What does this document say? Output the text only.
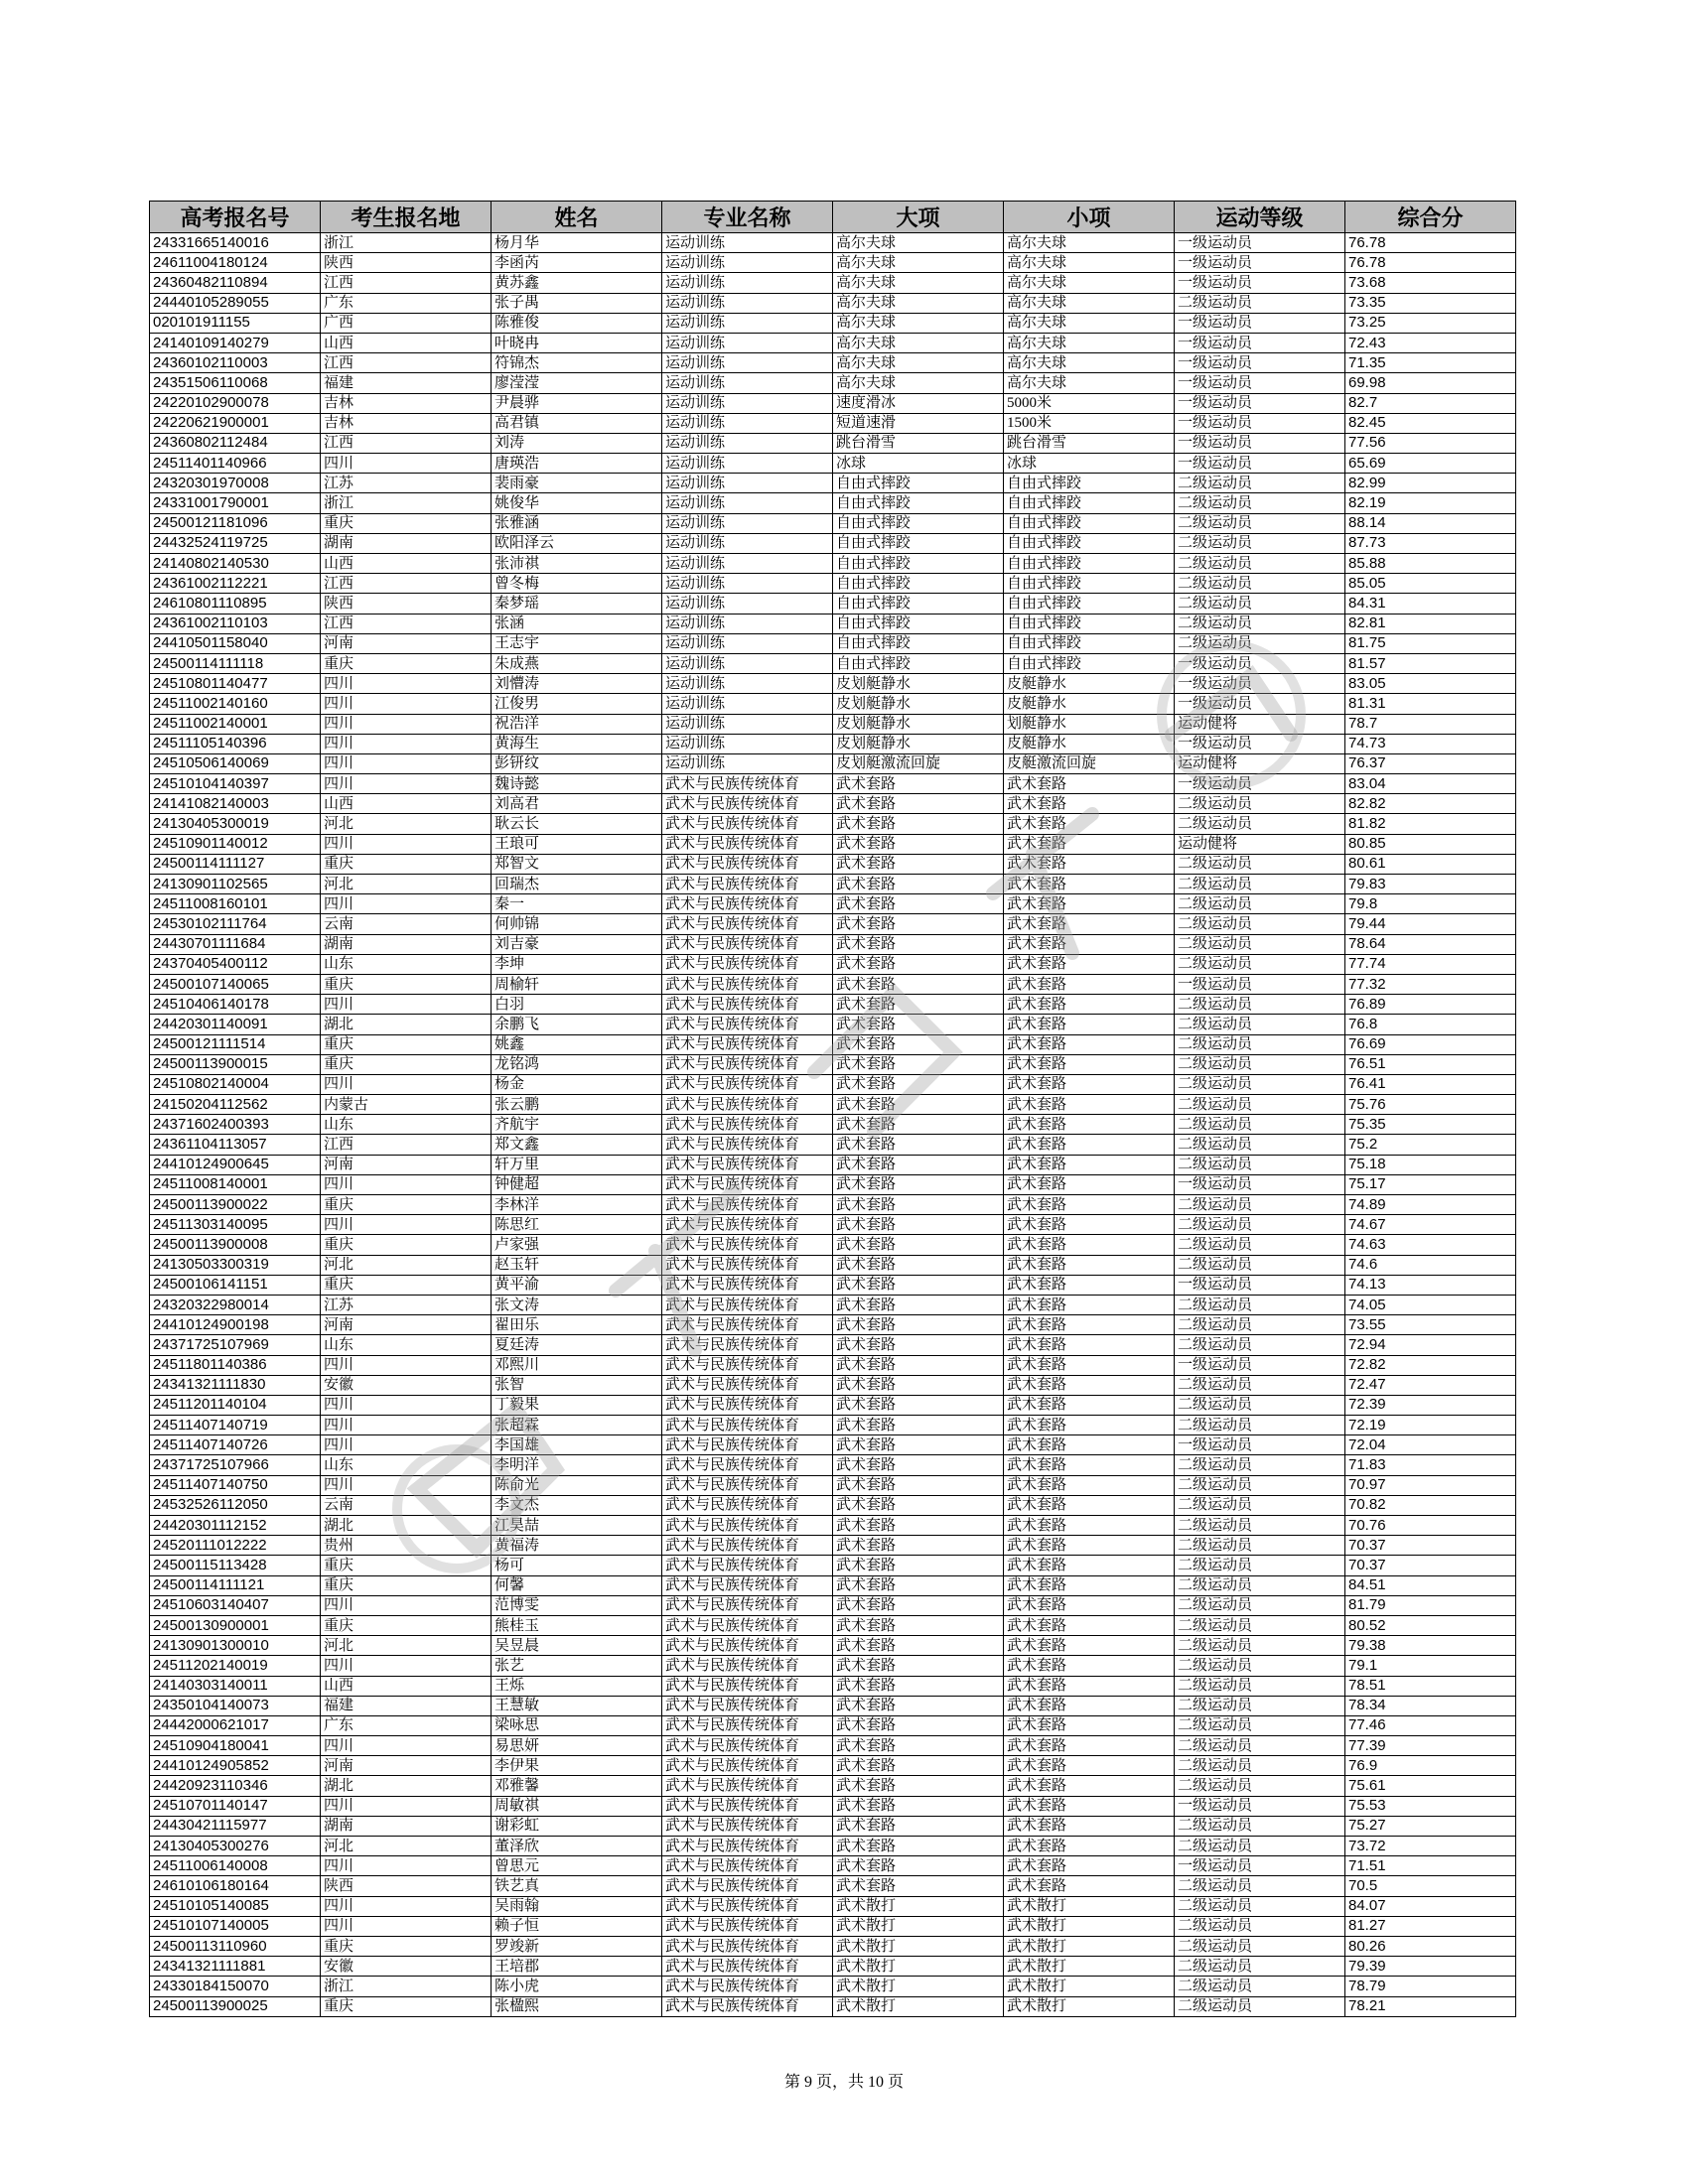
高考报名号	考生报名地	姓名	专业名称	大项	小项	运动等级	综合分
24331665140016	浙江	杨月华	运动训练	高尔夫球	高尔夫球	一级运动员	76.78
24611004180124	陕西	李函芮	运动训练	高尔夫球	高尔夫球	一级运动员	76.78
24360482110894	江西	黄苏鑫	运动训练	高尔夫球	高尔夫球	一级运动员	73.68
24440105289055	广东	张子禺	运动训练	高尔夫球	高尔夫球	二级运动员	73.35
020101911155	广西	陈雅俊	运动训练	高尔夫球	高尔夫球	一级运动员	73.25
24140109140279	山西	叶晓冉	运动训练	高尔夫球	高尔夫球	一级运动员	72.43
24360102110003	江西	符锦杰	运动训练	高尔夫球	高尔夫球	一级运动员	71.35
24351506110068	福建	廖滢滢	运动训练	高尔夫球	高尔夫球	一级运动员	69.98
24220102900078	吉林	尹晨骅	运动训练	速度滑冰	5000米	一级运动员	82.7
24220621900001	吉林	高君镇	运动训练	短道速滑	1500米	一级运动员	82.45
24360802112484	江西	刘涛	运动训练	跳台滑雪	跳台滑雪	一级运动员	77.56
24511401140966	四川	唐瑛浩	运动训练	冰球	冰球	一级运动员	65.69
24320301970008	江苏	裴雨豪	运动训练	自由式摔跤	自由式摔跤	二级运动员	82.99
24331001790001	浙江	姚俊华	运动训练	自由式摔跤	自由式摔跤	二级运动员	82.19
24500121181096	重庆	张雅涵	运动训练	自由式摔跤	自由式摔跤	二级运动员	88.14
24432524119725	湖南	欧阳泽云	运动训练	自由式摔跤	自由式摔跤	二级运动员	87.73
24140802140530	山西	张沛祺	运动训练	自由式摔跤	自由式摔跤	二级运动员	85.88
24361002112221	江西	曾冬梅	运动训练	自由式摔跤	自由式摔跤	二级运动员	85.05
24610801110895	陕西	秦梦瑶	运动训练	自由式摔跤	自由式摔跤	二级运动员	84.31
24361002110103	江西	张涵	运动训练	自由式摔跤	自由式摔跤	二级运动员	82.81
24410501158040	河南	王志宇	运动训练	自由式摔跤	自由式摔跤	二级运动员	81.75
24500114111118	重庆	朱成燕	运动训练	自由式摔跤	自由式摔跤	一级运动员	81.57
24510801140477	四川	刘懵涛	运动训练	皮划艇静水	皮艇静水	一级运动员	83.05
24511002140160	四川	江俊男	运动训练	皮划艇静水	皮艇静水	一级运动员	81.31
24511002140001	四川	祝浩洋	运动训练	皮划艇静水	划艇静水	运动健将	78.7
24511105140396	四川	黄海生	运动训练	皮划艇静水	皮艇静水	一级运动员	74.73
24510506140069	四川	彭钘纹	运动训练	皮划艇激流回旋	皮艇激流回旋	运动健将	76.37
24510104140397	四川	魏诗懿	武术与民族传统体育	武术套路	武术套路	一级运动员	83.04
24141082140003	山西	刘高君	武术与民族传统体育	武术套路	武术套路	二级运动员	82.82
24130405300019	河北	耿云长	武术与民族传统体育	武术套路	武术套路	二级运动员	81.82
24510901140012	四川	王琅可	武术与民族传统体育	武术套路	武术套路	运动健将	80.85
24500114111127	重庆	郑智文	武术与民族传统体育	武术套路	武术套路	二级运动员	80.61
24130901102565	河北	回瑞杰	武术与民族传统体育	武术套路	武术套路	二级运动员	79.83
24511008160101	四川	秦一	武术与民族传统体育	武术套路	武术套路	二级运动员	79.8
24530102111764	云南	何帅锦	武术与民族传统体育	武术套路	武术套路	二级运动员	79.44
24430701111684	湖南	刘吉豪	武术与民族传统体育	武术套路	武术套路	二级运动员	78.64
24370405400112	山东	李坤	武术与民族传统体育	武术套路	武术套路	二级运动员	77.74
24500107140065	重庆	周榆轩	武术与民族传统体育	武术套路	武术套路	一级运动员	77.32
24510406140178	四川	白羽	武术与民族传统体育	武术套路	武术套路	二级运动员	76.89
24420301140091	湖北	余鹏飞	武术与民族传统体育	武术套路	武术套路	二级运动员	76.8
24500121111514	重庆	姚鑫	武术与民族传统体育	武术套路	武术套路	二级运动员	76.69
24500113900015	重庆	龙铭鸿	武术与民族传统体育	武术套路	武术套路	二级运动员	76.51
24510802140004	四川	杨金	武术与民族传统体育	武术套路	武术套路	二级运动员	76.41
24150204112562	内蒙古	张云鹏	武术与民族传统体育	武术套路	武术套路	二级运动员	75.76
24371602400393	山东	齐航宇	武术与民族传统体育	武术套路	武术套路	二级运动员	75.35
24361104113057	江西	郑文鑫	武术与民族传统体育	武术套路	武术套路	二级运动员	75.2
24410124900645	河南	轩万里	武术与民族传统体育	武术套路	武术套路	二级运动员	75.18
24511008140001	四川	钟健超	武术与民族传统体育	武术套路	武术套路	一级运动员	75.17
24500113900022	重庆	李林洋	武术与民族传统体育	武术套路	武术套路	二级运动员	74.89
24511303140095	四川	陈思红	武术与民族传统体育	武术套路	武术套路	二级运动员	74.67
24500113900008	重庆	卢家强	武术与民族传统体育	武术套路	武术套路	二级运动员	74.63
24130503300319	河北	赵玉轩	武术与民族传统体育	武术套路	武术套路	二级运动员	74.6
24500106141151	重庆	黄平渝	武术与民族传统体育	武术套路	武术套路	一级运动员	74.13
24320322980014	江苏	张文涛	武术与民族传统体育	武术套路	武术套路	二级运动员	74.05
24410124900198	河南	翟田乐	武术与民族传统体育	武术套路	武术套路	二级运动员	73.55
24371725107969	山东	夏廷涛	武术与民族传统体育	武术套路	武术套路	二级运动员	72.94
24511801140386	四川	邓熙川	武术与民族传统体育	武术套路	武术套路	一级运动员	72.82
24341321111830	安徽	张智	武术与民族传统体育	武术套路	武术套路	二级运动员	72.47
24511201140104	四川	丁毅果	武术与民族传统体育	武术套路	武术套路	二级运动员	72.39
24511407140719	四川	张超霖	武术与民族传统体育	武术套路	武术套路	二级运动员	72.19
24511407140726	四川	李国雄	武术与民族传统体育	武术套路	武术套路	一级运动员	72.04
24371725107966	山东	李明洋	武术与民族传统体育	武术套路	武术套路	二级运动员	71.83
24511407140750	四川	陈俞光	武术与民族传统体育	武术套路	武术套路	二级运动员	70.97
24532526112050	云南	李文杰	武术与民族传统体育	武术套路	武术套路	二级运动员	70.82
24420301112152	湖北	江昊喆	武术与民族传统体育	武术套路	武术套路	二级运动员	70.76
24520111012222	贵州	黄福涛	武术与民族传统体育	武术套路	武术套路	二级运动员	70.37
24500115113428	重庆	杨可	武术与民族传统体育	武术套路	武术套路	二级运动员	70.37
24500114111121	重庆	何馨	武术与民族传统体育	武术套路	武术套路	二级运动员	84.51
24510603140407	四川	范博雯	武术与民族传统体育	武术套路	武术套路	二级运动员	81.79
24500130900001	重庆	熊桂玉	武术与民族传统体育	武术套路	武术套路	二级运动员	80.52
24130901300010	河北	吴昱晨	武术与民族传统体育	武术套路	武术套路	二级运动员	79.38
24511202140019	四川	张艺	武术与民族传统体育	武术套路	武术套路	二级运动员	79.1
24140303140011	山西	王烁	武术与民族传统体育	武术套路	武术套路	二级运动员	78.51
24350104140073	福建	王慧敏	武术与民族传统体育	武术套路	武术套路	二级运动员	78.34
24442000621017	广东	梁咏思	武术与民族传统体育	武术套路	武术套路	二级运动员	77.46
24510904180041	四川	易思妍	武术与民族传统体育	武术套路	武术套路	二级运动员	77.39
24410124905852	河南	李伊果	武术与民族传统体育	武术套路	武术套路	二级运动员	76.9
24420923110346	湖北	邓雅馨	武术与民族传统体育	武术套路	武术套路	二级运动员	75.61
24510701140147	四川	周敏祺	武术与民族传统体育	武术套路	武术套路	一级运动员	75.53
24430421115977	湖南	谢彩虹	武术与民族传统体育	武术套路	武术套路	二级运动员	75.27
24130405300276	河北	董泽欣	武术与民族传统体育	武术套路	武术套路	二级运动员	73.72
24511006140008	四川	曾思元	武术与民族传统体育	武术套路	武术套路	一级运动员	71.51
24610106180164	陕西	铁艺真	武术与民族传统体育	武术套路	武术套路	二级运动员	70.5
24510105140085	四川	吴雨翰	武术与民族传统体育	武术散打	武术散打	二级运动员	84.07
24510107140005	四川	赖子恒	武术与民族传统体育	武术散打	武术散打	二级运动员	81.27
24500113110960	重庆	罗竣新	武术与民族传统体育	武术散打	武术散打	二级运动员	80.26
24341321111881	安徽	王培郡	武术与民族传统体育	武术散打	武术散打	二级运动员	79.39
24330184150070	浙江	陈小虎	武术与民族传统体育	武术散打	武术散打	二级运动员	78.79
24500113900025	重庆	张楹熙	武术与民族传统体育	武术散打	武术散打	二级运动员	78.21
第 9 页，共 10 页
